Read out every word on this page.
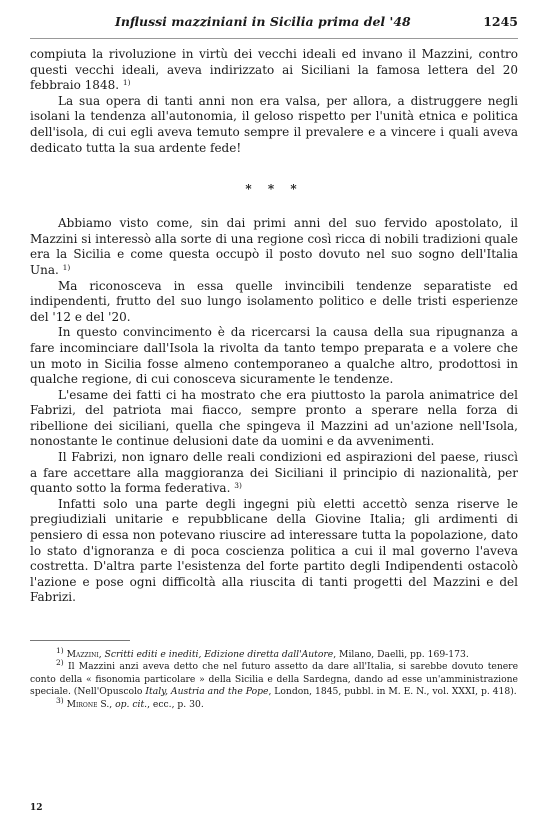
Influssi mazziniani in Sicilia prima del '48	1245

compiuta la rivoluzione in virtù dei vecchi ideali ed invano il Mazzini, contro questi vecchi ideali, aveva indirizzato ai Siciliani la famosa lettera del 20 febbraio 1848. $^{1)}$

La sua opera di tanti anni non era valsa, per allora, a distruggere negli isolani la tendenza all'autonomia, il geloso rispetto per l'unità etnica e politica dell'isola, di cui egli aveva temuto sempre il prevalere e a vincere i quali aveva dedicato tutta la sua ardente fede!

* * *

Abbiamo visto come, sin dai primi anni del suo fervido apostolato, il Mazzini si interessò alla sorte di una regione così ricca di nobili tradizioni quale era la Sicilia e come questa occupò il posto dovuto nel suo sogno dell'Italia Una. $^{1)}$

Ma riconosceva in essa quelle invincibili tendenze separatiste ed indipendenti, frutto del suo lungo isolamento politico e delle tristi esperienze del '12 e del '20.

In questo convincimento è da ricercarsi la causa della sua ripugnanza a fare incominciare dall'Isola la rivolta da tanto tempo preparata e a volere che un moto in Sicilia fosse almeno contemporaneo a qualche altro, prodottosi in qualche regione, di cui conosceva sicuramente le tendenze.

L'esame dei fatti ci ha mostrato che era piuttosto la parola animatrice del Fabrizi, del patriota mai fiacco, sempre pronto a sperare nella forza di ribellione dei siciliani, quella che spingeva il Mazzini ad un'azione nell'Isola, nonostante le continue delusioni date da uomini e da avvenimenti.

Il Fabrizi, non ignaro delle reali condizioni ed aspirazioni del paese, riuscì a fare accettare alla maggioranza dei Siciliani il principio di nazionalità, per quanto sotto la forma federativa. $^{3)}$

Infatti solo una parte degli ingegni più eletti accettò senza riserve le pregiudiziali unitarie e repubblicane della Giovine Italia; gli ardimenti di pensiero di essa non potevano riuscire ad interessare tutta la popolazione, dato lo stato d'ignoranza e di poca coscienza politica a cui il mal governo l'aveva costretta. D'altra parte l'esistenza del forte partito degli Indipendenti ostacolò l'azione e pose ogni difficoltà alla riuscita di tanti progetti del Mazzini e del Fabrizi.

$^{1)}$ Mazzini, Scritti editi e inediti, Edizione diretta dall'Autore, Milano, Daelli, pp. 169-173.

$^{2)}$ Il Mazzini anzi aveva detto che nel futuro assetto da dare all'Italia, si sarebbe dovuto tenere conto della « fisonomia particolare » della Sicilia e della Sardegna, dando ad esse un'amministrazione speciale. (Nell'Opuscolo Italy, Austria and the Pope, London, 1845, pubbl. in M. E. N., vol. XXXI, p. 418).

$^{3)}$ Mirone S., op. cit., ecc., p. 30.

12
